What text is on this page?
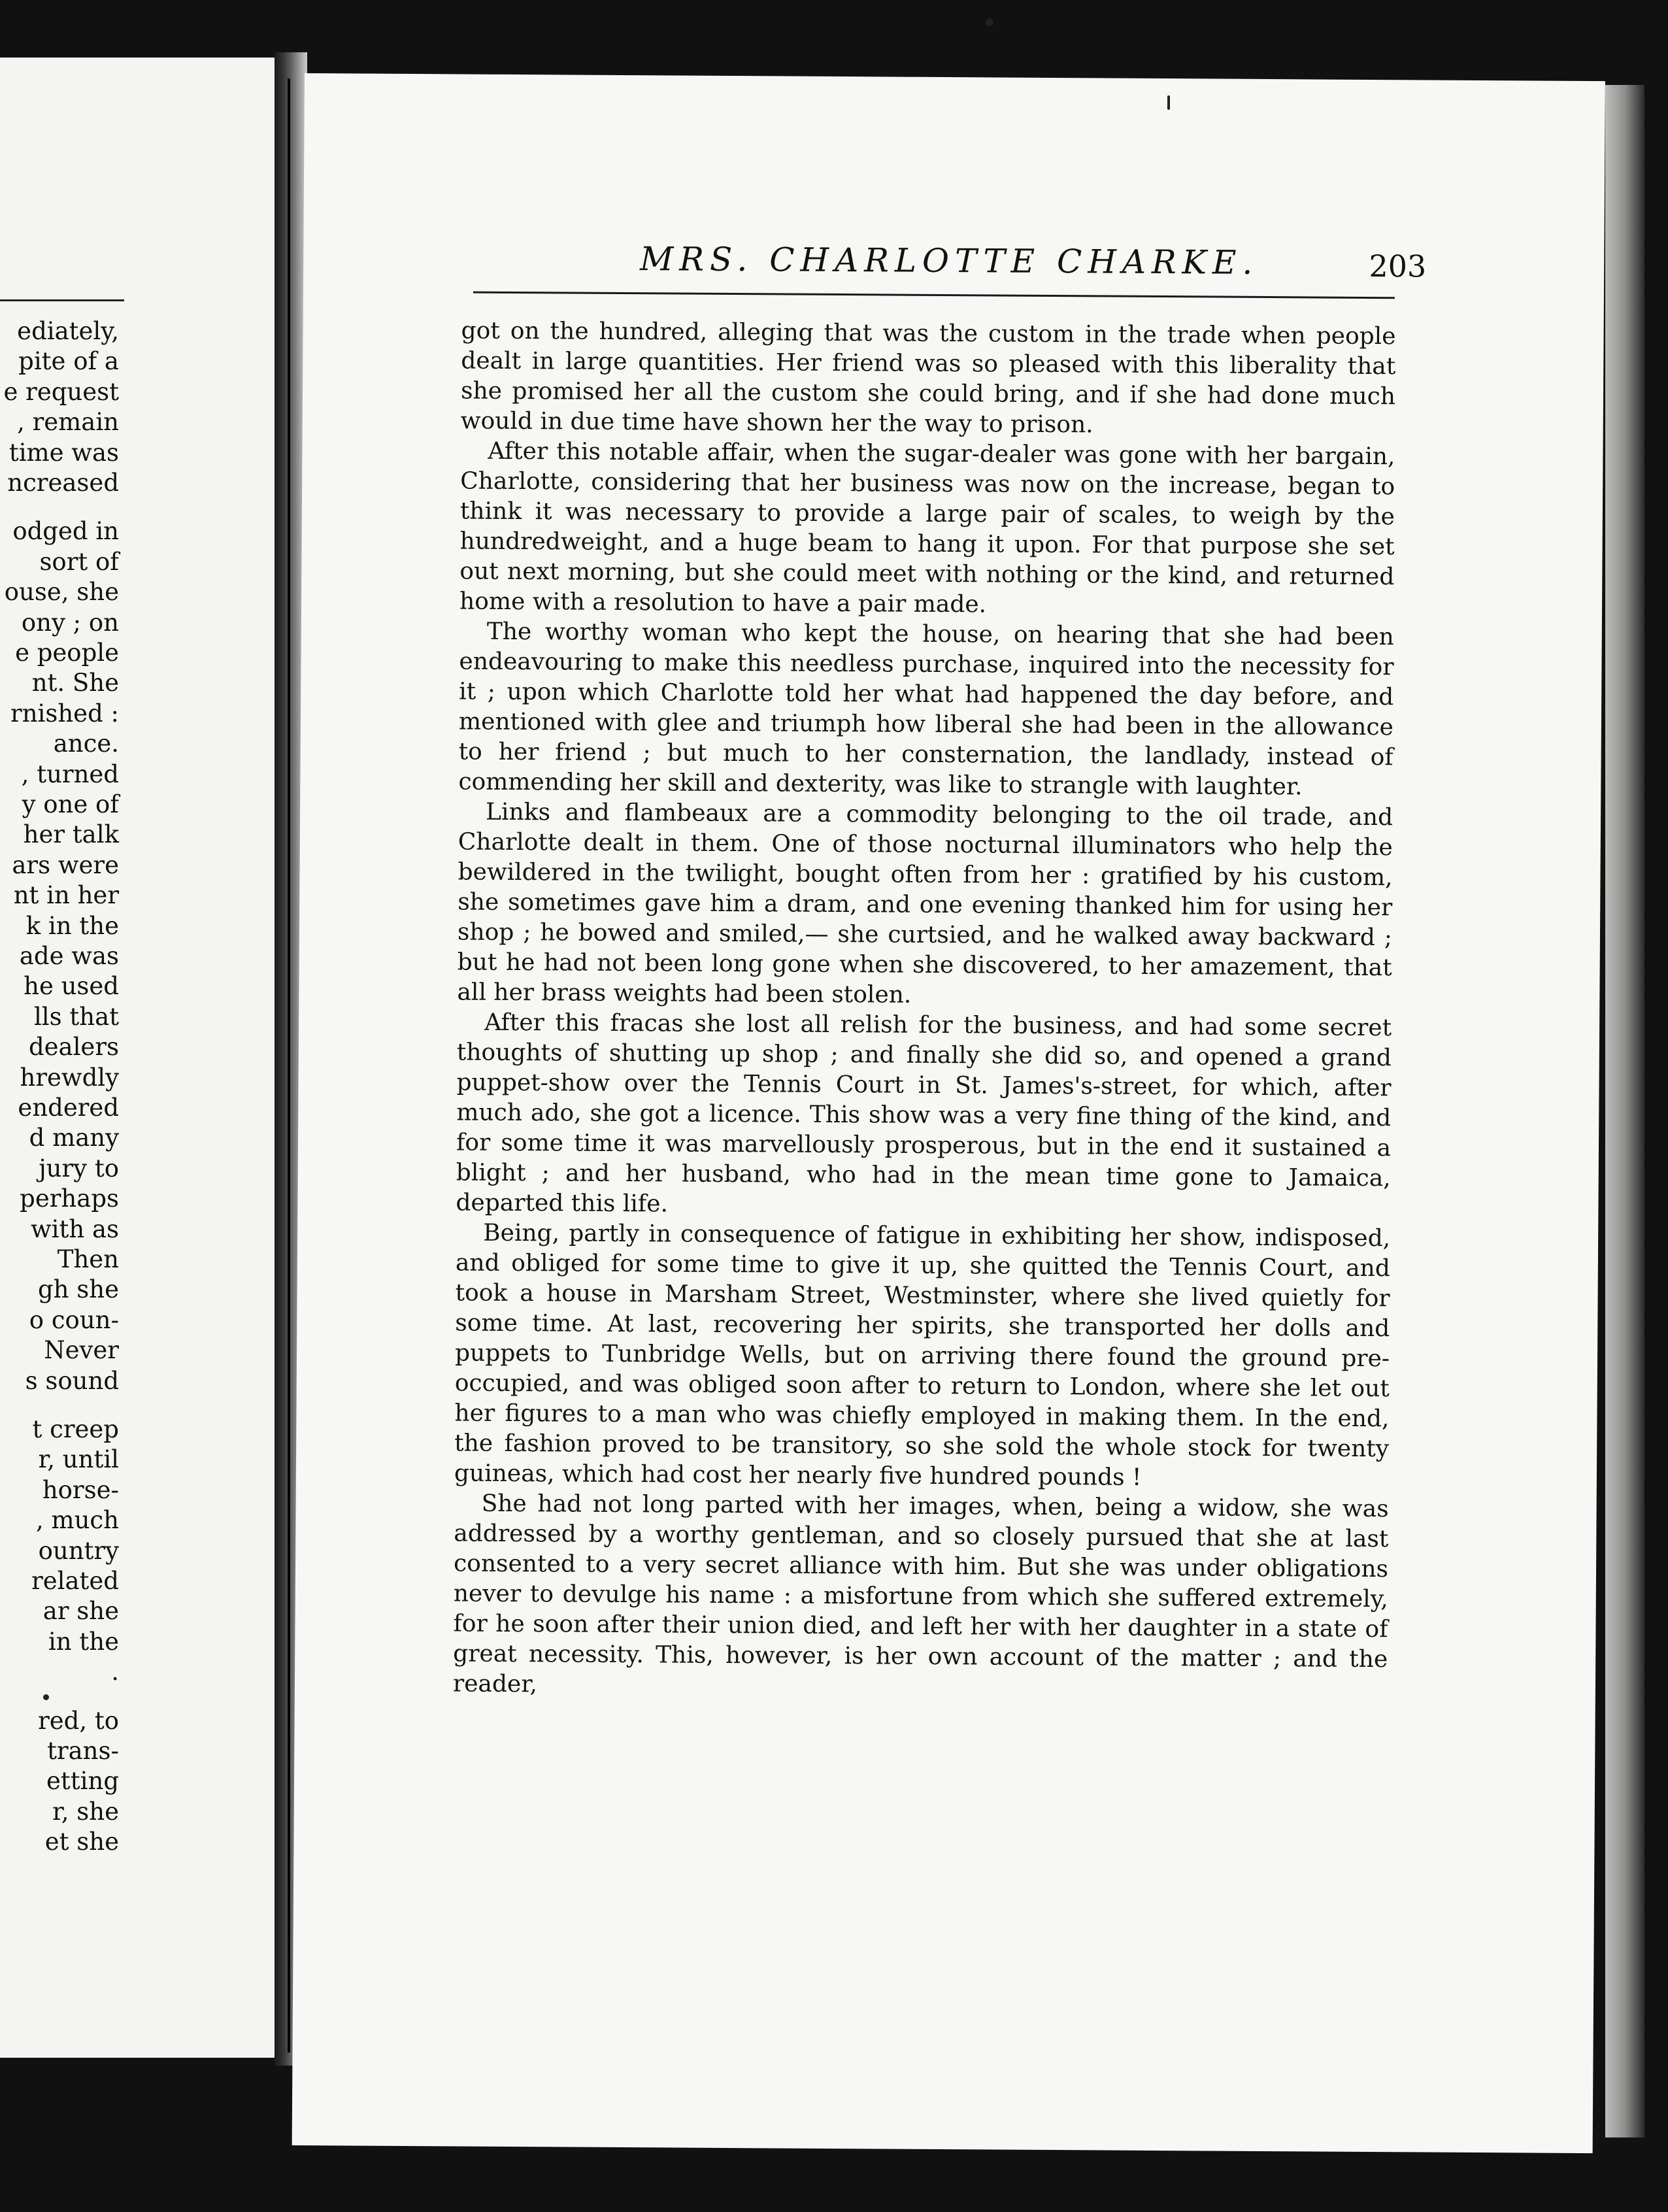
ediately,
pite of a
e request
, remain
time was
ncreased
odged in
sort of
ouse, she
ony ; on
e people
nt. She
rnished :
ance.
, turned
y one of
her talk
ars were
nt in her
k in the
ade was
he used
lls that
dealers
hrewdly
endered
d many
jury to
perhaps
with as
Then
gh she
o coun-
Never
s sound
t creep
r, until
horse-
, much
ountry
related
ar she
in the
.
red, to
trans-
etting
r, she
et she
MRS. CHARLOTTE CHARKE.	203

got on the hundred, alleging that was the custom in the trade when people dealt in large quantities. Her friend was so pleased with this liberality that she promised her all the custom she could bring, and if she had done much would in due time have shown her the way to prison.

After this notable affair, when the sugar-dealer was gone with her bargain, Charlotte, considering that her business was now on the increase, began to think it was necessary to provide a large pair of scales, to weigh by the hundredweight, and a huge beam to hang it upon. For that purpose she set out next morning, but she could meet with nothing or the kind, and returned home with a resolution to have a pair made.

The worthy woman who kept the house, on hearing that she had been endeavouring to make this needless purchase, inquired into the necessity for it ; upon which Charlotte told her what had happened the day before, and mentioned with glee and triumph how liberal she had been in the allowance to her friend ; but much to her consternation, the landlady, instead of commending her skill and dexterity, was like to strangle with laughter.

Links and flambeaux are a commodity belonging to the oil trade, and Charlotte dealt in them. One of those nocturnal illuminators who help the bewildered in the twilight, bought often from her : gratified by his custom, she sometimes gave him a dram, and one evening thanked him for using her shop ; he bowed and smiled,— she curtsied, and he walked away backward ; but he had not been long gone when she discovered, to her amazement, that all her brass weights had been stolen.

After this fracas she lost all relish for the business, and had some secret thoughts of shutting up shop ; and finally she did so, and opened a grand puppet-show over the Tennis Court in St. James's-street, for which, after much ado, she got a licence. This show was a very fine thing of the kind, and for some time it was marvellously prosperous, but in the end it sustained a blight ; and her husband, who had in the mean time gone to Jamaica, departed this life.

Being, partly in consequence of fatigue in exhibiting her show, indisposed, and obliged for some time to give it up, she quitted the Tennis Court, and took a house in Marsham Street, Westminster, where she lived quietly for some time. At last, recovering her spirits, she transported her dolls and puppets to Tunbridge Wells, but on arriving there found the ground pre-occupied, and was obliged soon after to return to London, where she let out her figures to a man who was chiefly employed in making them. In the end, the fashion proved to be transitory, so she sold the whole stock for twenty guineas, which had cost her nearly five hundred pounds !

She had not long parted with her images, when, being a widow, she was addressed by a worthy gentleman, and so closely pursued that she at last consented to a very secret alliance with him. But she was under obligations never to devulge his name : a misfortune from which she suffered extremely, for he soon after their union died, and left her with her daughter in a state of great necessity. This, however, is her own account of the matter ; and the reader,
